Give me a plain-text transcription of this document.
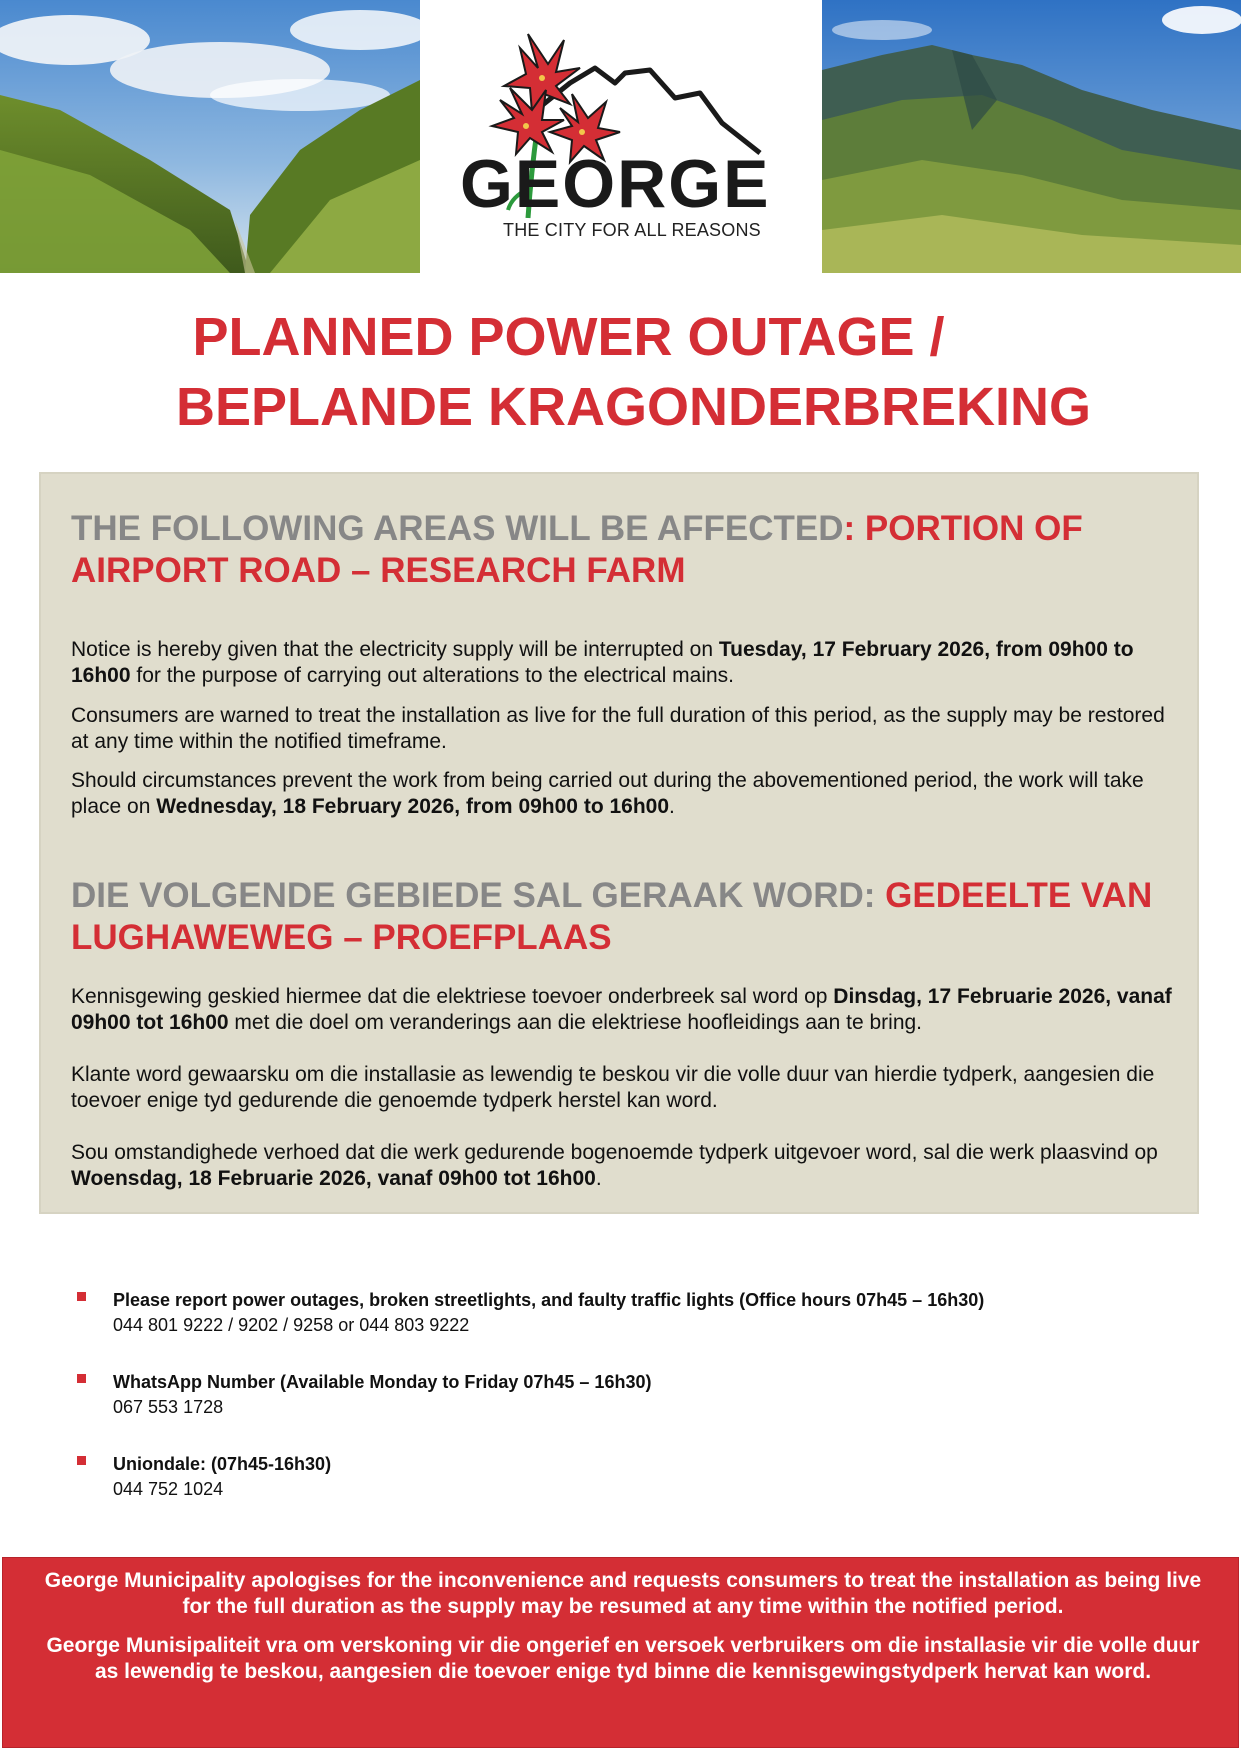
GEORGE
THE CITY FOR ALL REASONS
PLANNED POWER OUTAGE /
BEPLANDE KRAGONDERBREKING
THE FOLLOWING AREAS WILL BE AFFECTED: PORTION OF AIRPORT ROAD – RESEARCH FARM
Notice is hereby given that the electricity supply will be interrupted on Tuesday, 17 February 2026, from 09h00 to 16h00 for the purpose of carrying out alterations to the electrical mains.
Consumers are warned to treat the installation as live for the full duration of this period, as the supply may be restored at any time within the notified timeframe.
Should circumstances prevent the work from being carried out during the abovementioned period, the work will take place on Wednesday, 18 February 2026, from 09h00 to 16h00.
DIE VOLGENDE GEBIEDE SAL GERAAK WORD: GEDEELTE VAN LUGHAWEWEG – PROEFPLAAS
Kennisgewing geskied hiermee dat die elektriese toevoer onderbreek sal word op Dinsdag, 17 Februarie 2026, vanaf 09h00 tot 16h00 met die doel om veranderings aan die elektriese hoofleidings aan te bring.
Klante word gewaarsku om die installasie as lewendig te beskou vir die volle duur van hierdie tydperk, aangesien die toevoer enige tyd gedurende die genoemde tydperk herstel kan word.
Sou omstandighede verhoed dat die werk gedurende bogenoemde tydperk uitgevoer word, sal die werk plaasvind op Woensdag, 18 Februarie 2026, vanaf 09h00 tot 16h00.
Please report power outages, broken streetlights, and faulty traffic lights (Office hours 07h45 – 16h30)
044 801 9222 / 9202 / 9258 or 044 803 9222
WhatsApp Number (Available Monday to Friday 07h45 – 16h30)
067 553 1728
Uniondale: (07h45-16h30)
044 752 1024
George Municipality apologises for the inconvenience and requests consumers to treat the installation as being live for the full duration as the supply may be resumed at any time within the notified period.
George Munisipaliteit vra om verskoning vir die ongerief en versoek verbruikers om die installasie vir die volle duur as lewendig te beskou, aangesien die toevoer enige tyd binne die kennisgewingstydperk hervat kan word.
